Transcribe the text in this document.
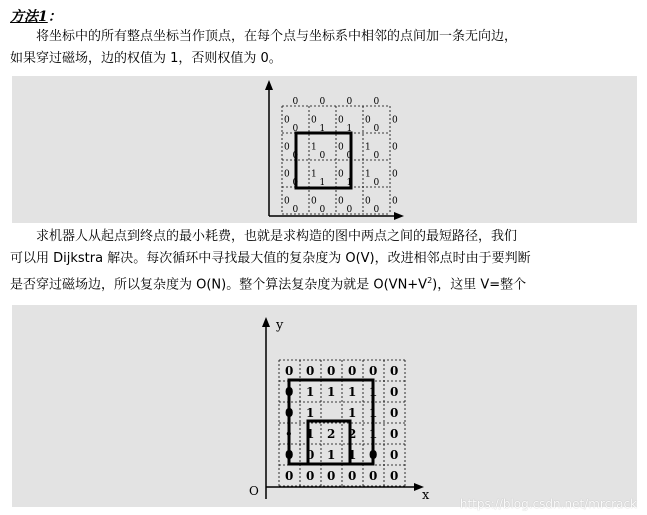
方法1：
将坐标中的所有整点坐标当作顶点，在每个点与坐标系中相邻的点间加一条无向边，
如果穿过磁场，边的权值为 1，否则权值为 0。
0 0 0 0
0 1 1 0
0 0 0 0
0 1 1 0
0 0 0 0
0
0
0
0
0
1
1
0
0
0
0
0
0
1
1
0
0
0
0
0
求机器人从起点到终点的最小耗费，也就是求构造的图中两点之间的最短路径，我们
可以用 Dijkstra 解决。每次循环中寻找最大值的复杂度为 O(V)，改进相邻点时由于要判断
是否穿过磁场边，所以复杂度为 O(N)。整个算法复杂度为就是 $O(VN+V^2)$，这里 V=整个
y
x
O
0 0 0 0 0 0
0 1 1 1 1 0
0 1	1 1 0
• 1 2 2 1 0
0 0 1 1 0 0
0 0 0 0 0 0
https://blog.csdn.net/mrcrack
